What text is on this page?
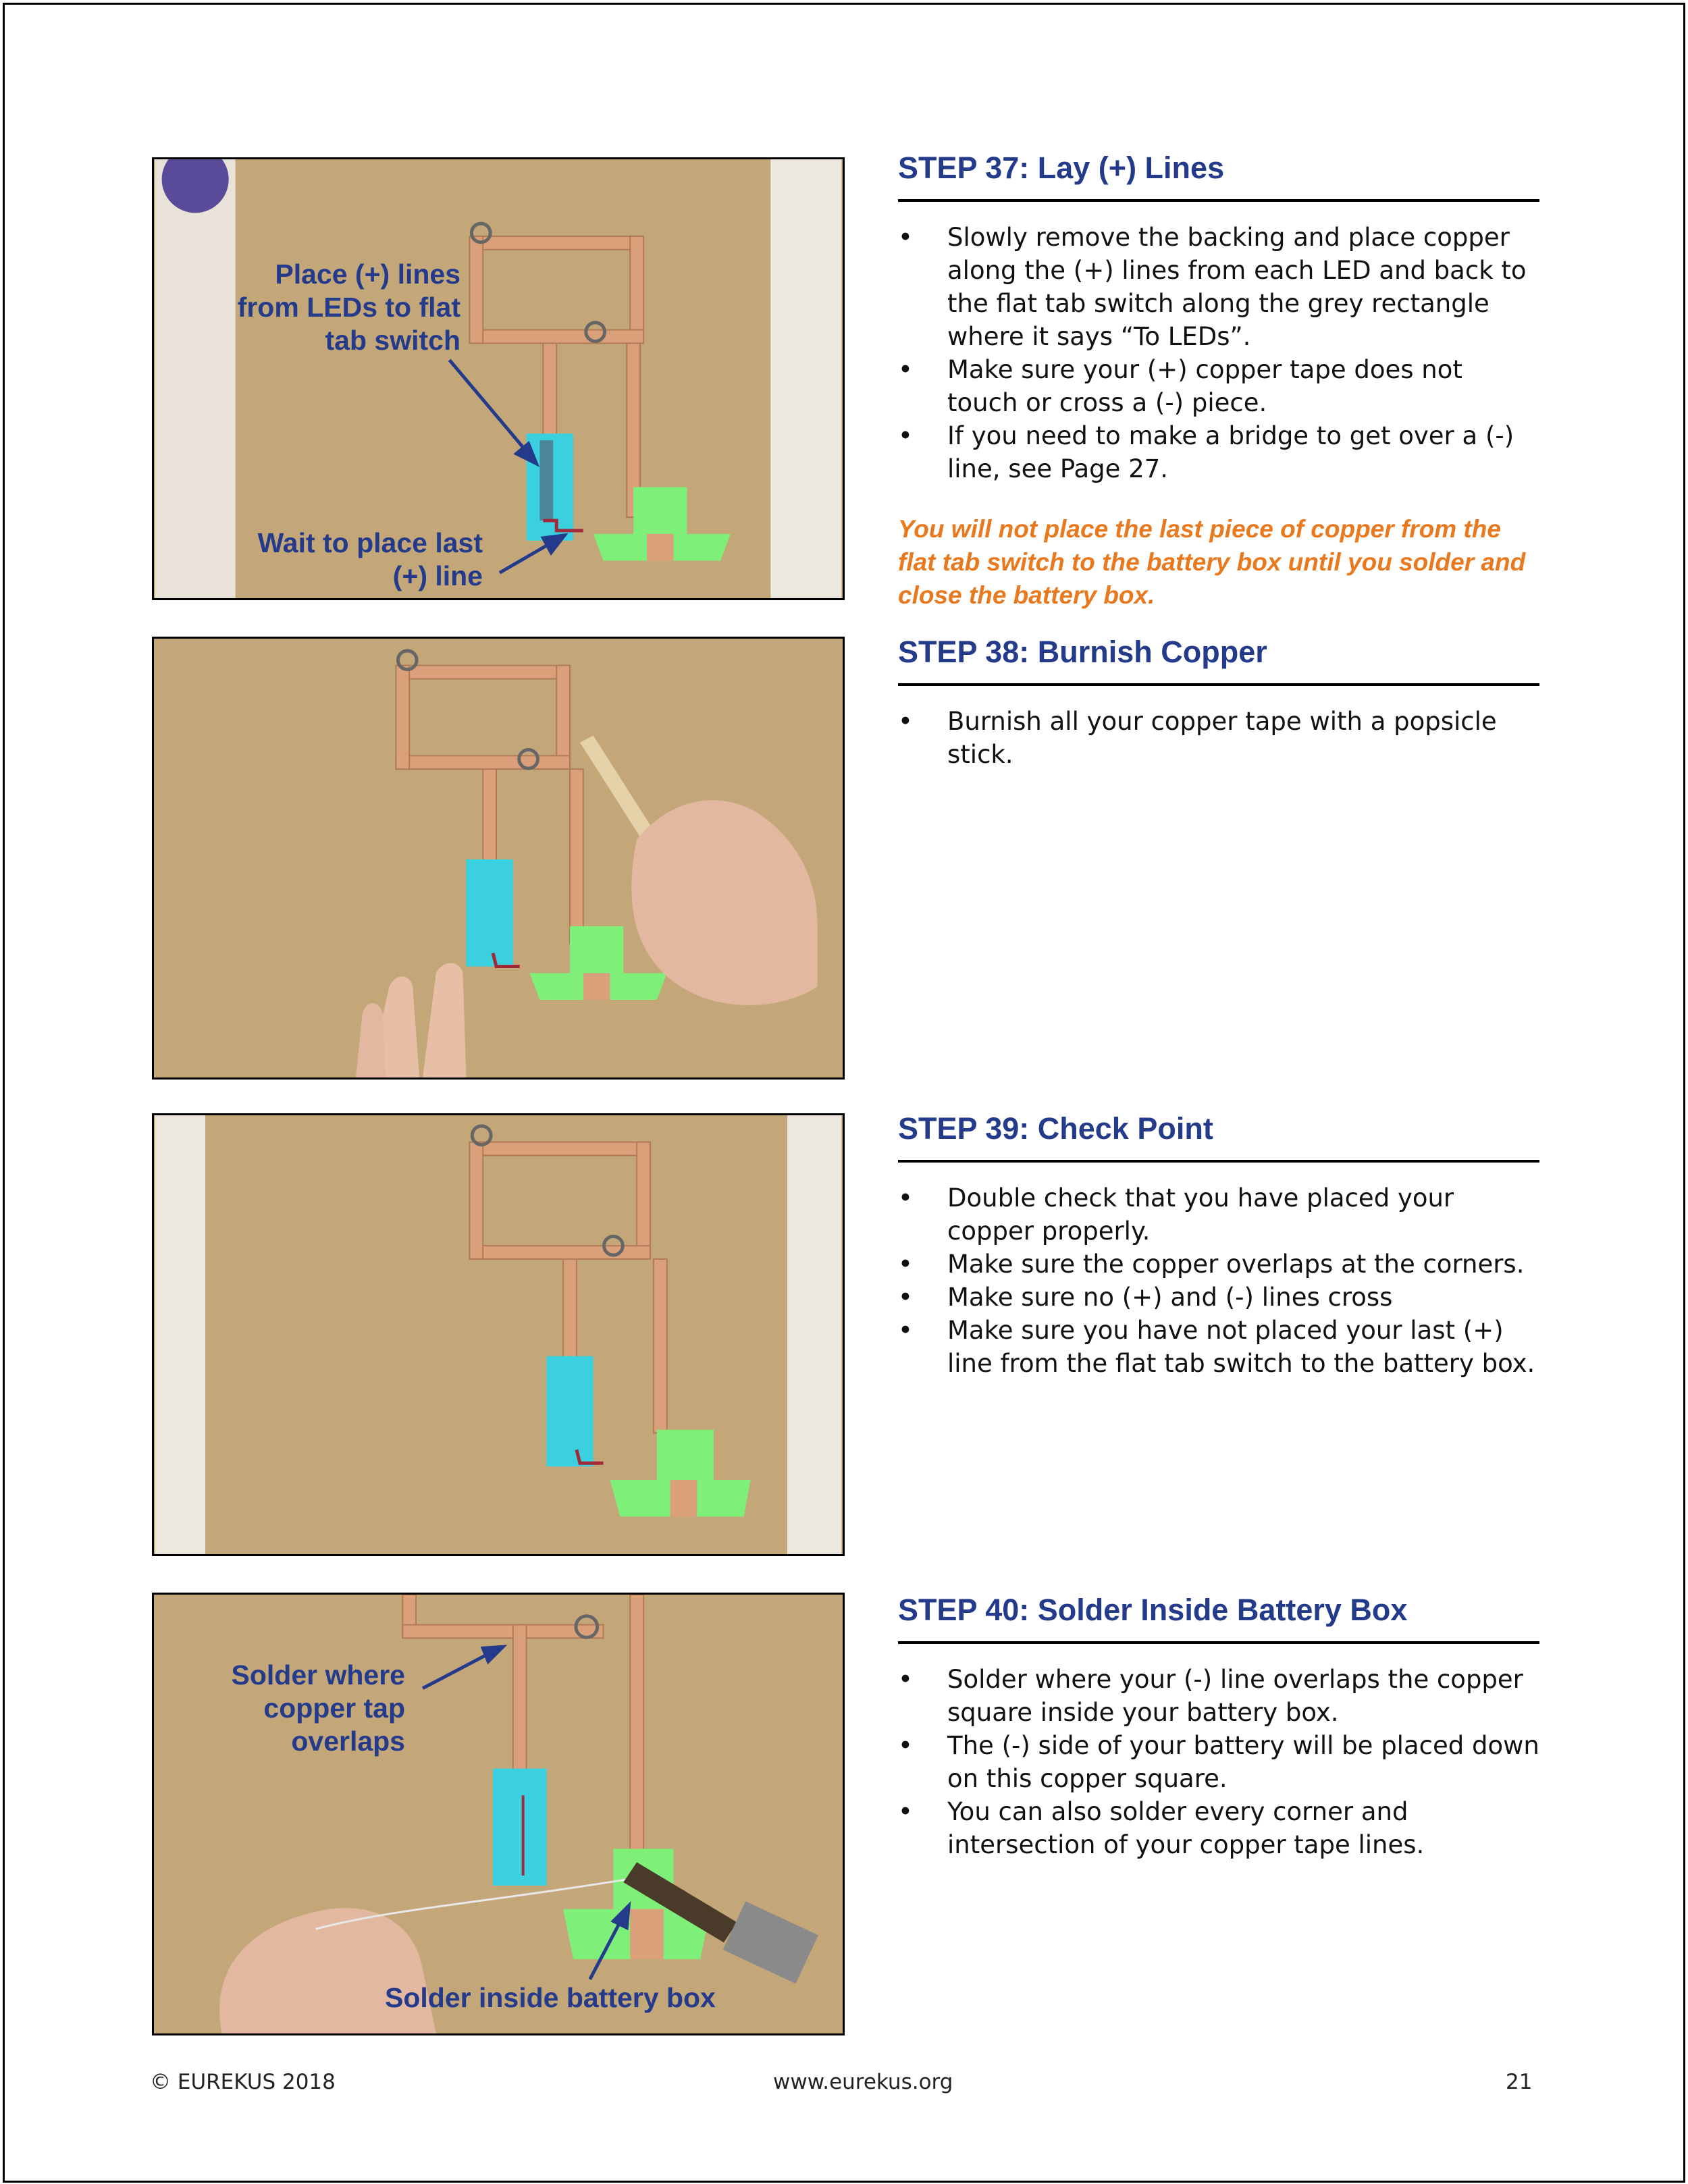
Place (+) lines
from LEDs to flat
tab switch
Wait to place last
(+) line
Solder where
copper tap
overlaps
Solder inside battery box
STEP 37: Lay (+) Lines
• Slowly remove the backing and place copper along the (+) lines from each LED and back to the flat tab switch along the grey rectangle where it says “To LEDs”.
• Make sure your (+) copper tape does not touch or cross a (-) piece.
• If you need to make a bridge to get over a (-) line, see Page 27.
You will not place the last piece of copper from the flat tab switch to the battery box until you solder and close the battery box.
STEP 38: Burnish Copper
• Burnish all your copper tape with a popsicle stick.
STEP 39: Check Point
• Double check that you have placed your copper properly.
• Make sure the copper overlaps at the corners.
• Make sure no (+) and (-) lines cross
• Make sure you have not placed your last (+) line from the flat tab switch to the battery box.
STEP 40: Solder Inside Battery Box
• Solder where your (-) line overlaps the copper square inside your battery box.
• The (-) side of your battery will be placed down on this copper square.
• You can also solder every corner and intersection of your copper tape lines.
© EUREKUS 2018	www.eurekus.org	21
